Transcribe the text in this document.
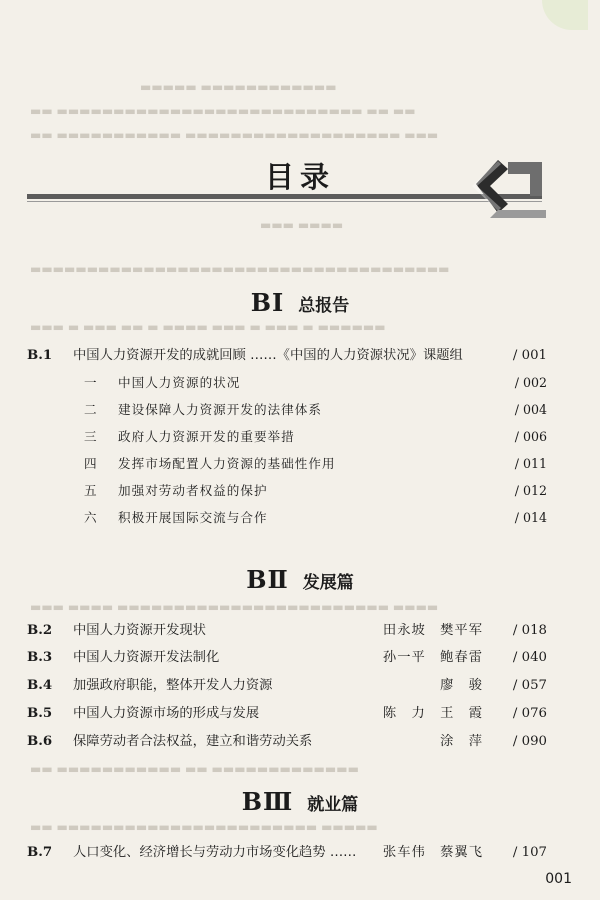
▬▬▬▬▬ ▬▬▬▬▬▬▬▬▬▬▬▬
▬▬ ▬▬▬▬▬▬▬▬▬▬▬▬▬▬▬▬▬▬▬▬▬▬▬▬▬▬▬ ▬▬ ▬▬
▬▬ ▬▬▬▬▬▬▬▬▬▬▬ ▬▬▬▬▬▬▬▬▬▬▬▬▬▬▬▬▬▬▬ ▬▬▬
▬▬▬ ▬▬▬▬
▬▬▬▬▬▬▬▬▬▬▬▬▬▬▬▬▬▬▬▬▬▬▬▬▬▬▬▬▬▬▬▬▬▬▬▬▬
▬▬▬ ▬ ▬▬▬ ▬▬ ▬ ▬▬▬▬ ▬▬▬ ▬ ▬▬▬ ▬ ▬▬▬▬▬▬
▬▬▬ ▬▬▬▬ ▬▬▬▬▬▬▬▬▬▬▬▬▬▬▬▬▬▬▬▬▬▬▬▬ ▬▬▬▬
▬▬ ▬▬▬▬▬▬▬▬▬▬▬ ▬▬ ▬▬▬▬▬▬▬▬▬▬▬▬▬
▬▬ ▬▬▬▬▬▬▬▬▬▬▬▬▬▬▬▬▬▬▬▬▬▬▬ ▬▬▬▬▬
目录
BⅠ 总报告
B.1 中国人力资源开发的成就回顾 ……《中国的人力资源状况》课题组	/ 001
一 中国人力资源的状况	/ 002
二 建设保障人力资源开发的法律体系	/ 004
三 政府人力资源开发的重要举措	/ 006
四 发挥市场配置人力资源的基础性作用	/ 011
五 加强对劳动者权益的保护	/ 012
六 积极开展国际交流与合作	/ 014
BⅡ 发展篇
B.2 中国人力资源开发现状	田永坡　樊平军 / 018
B.3 中国人力资源开发法制化	孙一平　鲍春雷 / 040
B.4 加强政府职能，整体开发人力资源	廖　骏 / 057
B.5 中国人力资源市场的形成与发展	陈　力　王　霞 / 076
B.6 保障劳动者合法权益，建立和谐劳动关系	涂　萍 / 090
BⅢ 就业篇
B.7 人口变化、经济增长与劳动力市场变化趋势 …… 张车伟　蔡翼飞 / 107
001
